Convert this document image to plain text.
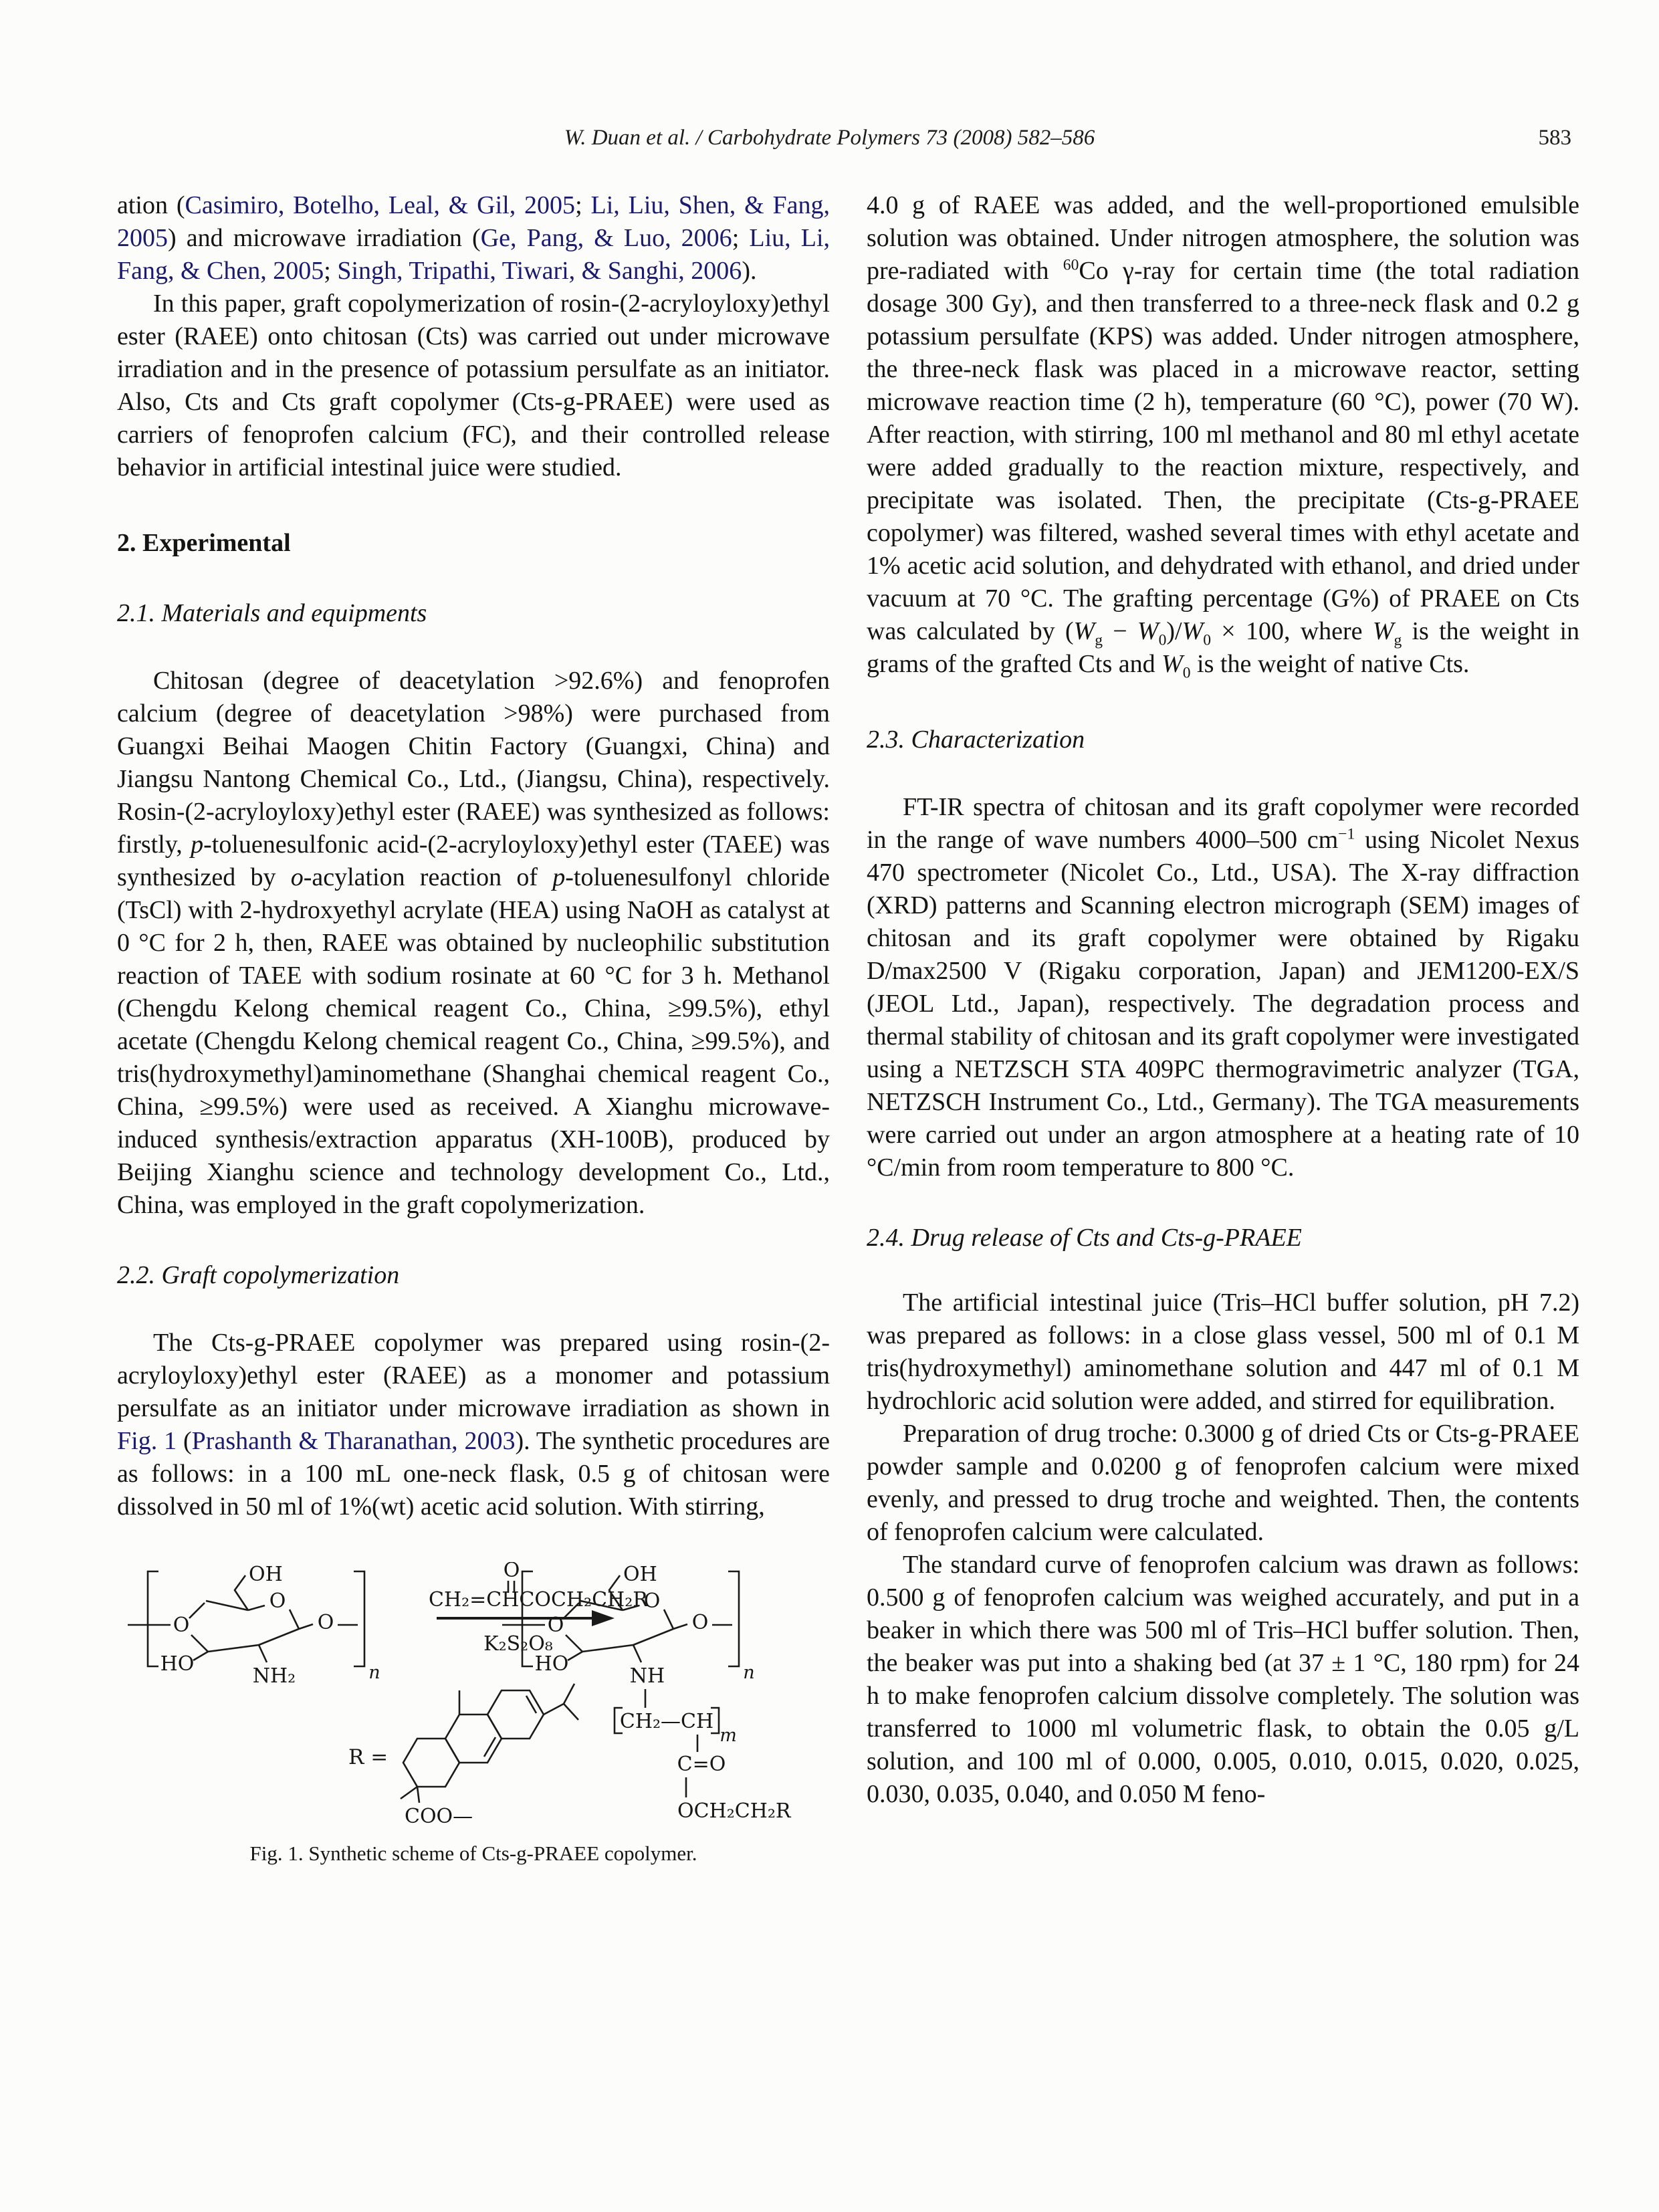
W. Duan et al. / Carbohydrate Polymers 73 (2008) 582–586	583

ation (Casimiro, Botelho, Leal, & Gil, 2005; Li, Liu, Shen, & Fang, 2005) and microwave irradiation (Ge, Pang, & Luo, 2006; Liu, Li, Fang, & Chen, 2005; Singh, Tripathi, Tiwari, & Sanghi, 2006).

In this paper, graft copolymerization of rosin-(2-acryloyloxy)ethyl ester (RAEE) onto chitosan (Cts) was carried out under microwave irradiation and in the presence of potassium persulfate as an initiator. Also, Cts and Cts graft copolymer (Cts-g-PRAEE) were used as carriers of fenoprofen calcium (FC), and their controlled release behavior in artificial intestinal juice were studied.

2. Experimental
2.1. Materials and equipments

Chitosan (degree of deacetylation >92.6%) and fenoprofen calcium (degree of deacetylation >98%) were purchased from Guangxi Beihai Maogen Chitin Factory (Guangxi, China) and Jiangsu Nantong Chemical Co., Ltd., (Jiangsu, China), respectively. Rosin-(2-acryloyloxy)ethyl ester (RAEE) was synthesized as follows: firstly, p-toluenesulfonic acid-(2-acryloyloxy)ethyl ester (TAEE) was synthesized by o-acylation reaction of p-toluenesulfonyl chloride (TsCl) with 2-hydroxyethyl acrylate (HEA) using NaOH as catalyst at 0 °C for 2 h, then, RAEE was obtained by nucleophilic substitution reaction of TAEE with sodium rosinate at 60 °C for 3 h. Methanol (Chengdu Kelong chemical reagent Co., China, ≥99.5%), ethyl acetate (Chengdu Kelong chemical reagent Co., China, ≥99.5%), and tris(hydroxymethyl)aminomethane (Shanghai chemical reagent Co., China, ≥99.5%) were used as received. A Xianghu microwave-induced synthesis/extraction apparatus (XH-100B), produced by Beijing Xianghu science and technology development Co., Ltd., China, was employed in the graft copolymerization.

2.2. Graft copolymerization

The Cts-g-PRAEE copolymer was prepared using rosin-(2-acryloyloxy)ethyl ester (RAEE) as a monomer and potassium persulfate as an initiator under microwave irradiation as shown in Fig. 1 (Prashanth & Tharanathan, 2003). The synthetic procedures are as follows: in a 100 mL one-neck flask, 0.5 g of chitosan were dissolved in 50 ml of 1%(wt) acetic acid solution. With stirring,

OH
O
O
HO
NH₂
O
n
O
CH₂=CHCOCH₂CH₂R
K₂S₂O₈
OH
O
O
HO
NH
O
n
CH₂—CH
m
C=O
OCH₂CH₂R
R =
COO—
Fig. 1. Synthetic scheme of Cts-g-PRAEE copolymer.

4.0 g of RAEE was added, and the well-proportioned emulsible solution was obtained. Under nitrogen atmosphere, the solution was pre-radiated with $^{60}$Co γ-ray for certain time (the total radiation dosage 300 Gy), and then transferred to a three-neck flask and 0.2 g potassium persulfate (KPS) was added. Under nitrogen atmosphere, the three-neck flask was placed in a microwave reactor, setting microwave reaction time (2 h), temperature (60 °C), power (70 W). After reaction, with stirring, 100 ml methanol and 80 ml ethyl acetate were added gradually to the reaction mixture, respectively, and precipitate was isolated. Then, the precipitate (Cts-g-PRAEE copolymer) was filtered, washed several times with ethyl acetate and 1% acetic acid solution, and dehydrated with ethanol, and dried under vacuum at 70 °C. The grafting percentage (G%) of PRAEE on Cts was calculated by $(W_g - W_0)/W_0 \times 100$, where $W_g$ is the weight in grams of the grafted Cts and $W_0$ is the weight of native Cts.

2.3. Characterization

FT-IR spectra of chitosan and its graft copolymer were recorded in the range of wave numbers 4000–500 $cm^{-1}$ using Nicolet Nexus 470 spectrometer (Nicolet Co., Ltd., USA). The X-ray diffraction (XRD) patterns and Scanning electron micrograph (SEM) images of chitosan and its graft copolymer were obtained by Rigaku D/max2500 V (Rigaku corporation, Japan) and JEM1200-EX/S (JEOL Ltd., Japan), respectively. The degradation process and thermal stability of chitosan and its graft copolymer were investigated using a NETZSCH STA 409PC thermogravimetric analyzer (TGA, NETZSCH Instrument Co., Ltd., Germany). The TGA measurements were carried out under an argon atmosphere at a heating rate of 10 °C/min from room temperature to 800 °C.

2.4. Drug release of Cts and Cts-g-PRAEE

The artificial intestinal juice (Tris–HCl buffer solution, pH 7.2) was prepared as follows: in a close glass vessel, 500 ml of 0.1 M tris(hydroxymethyl) aminomethane solution and 447 ml of 0.1 M hydrochloric acid solution were added, and stirred for equilibration.

Preparation of drug troche: 0.3000 g of dried Cts or Cts-g-PRAEE powder sample and 0.0200 g of fenoprofen calcium were mixed evenly, and pressed to drug troche and weighted. Then, the contents of fenoprofen calcium were calculated.

The standard curve of fenoprofen calcium was drawn as follows: 0.500 g of fenoprofen calcium was weighed accurately, and put in a beaker in which there was 500 ml of Tris–HCl buffer solution. Then, the beaker was put into a shaking bed (at 37 ± 1 °C, 180 rpm) for 24 h to make fenoprofen calcium dissolve completely. The solution was transferred to 1000 ml volumetric flask, to obtain the 0.05 g/L solution, and 100 ml of 0.000, 0.005, 0.010, 0.015, 0.020, 0.025, 0.030, 0.035, 0.040, and 0.050 M feno-
